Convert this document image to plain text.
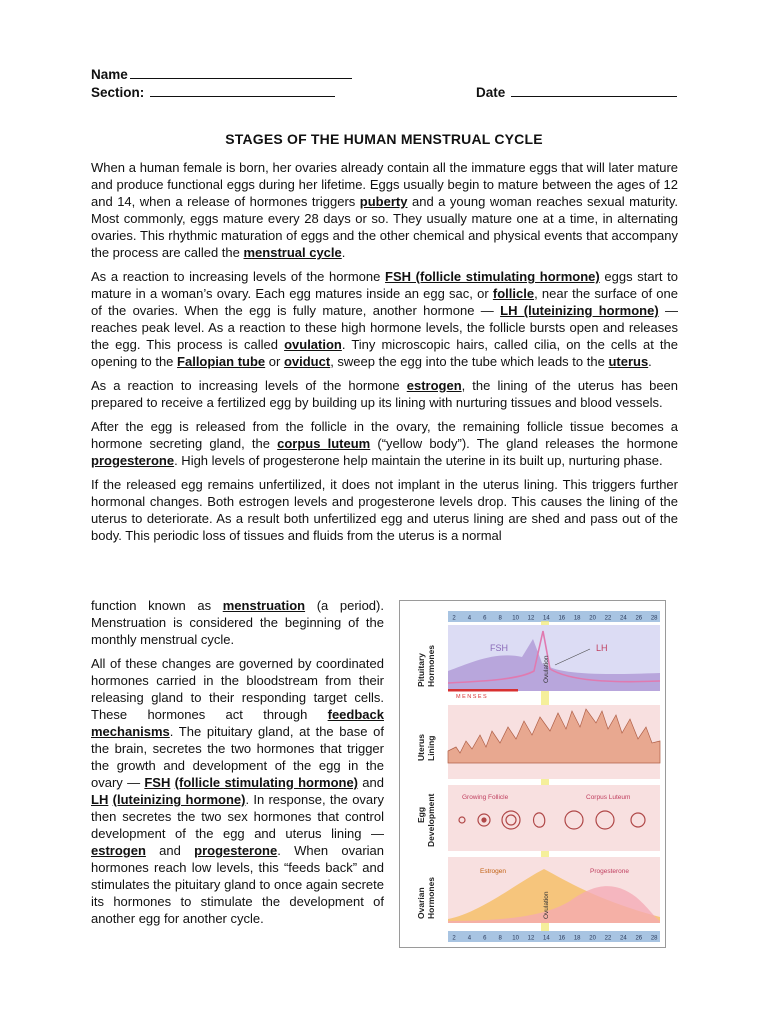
Name
Section:	Date
STAGES OF THE HUMAN MENSTRUAL CYCLE

When a human female is born, her ovaries already contain all the immature eggs that will later mature and produce functional eggs during her lifetime. Eggs usually begin to mature between the ages of 12 and 14, when a release of hormones triggers puberty and a young woman reaches sexual maturity. Most commonly, eggs mature every 28 days or so. They usually mature one at a time, in alternating ovaries. This rhythmic maturation of eggs and the other chemical and physical events that accompany the process are called the menstrual cycle.

As a reaction to increasing levels of the hormone FSH (follicle stimulating hormone) eggs start to mature in a woman’s ovary. Each egg matures inside an egg sac, or follicle, near the surface of one of the ovaries. When the egg is fully mature, another hormone — LH (luteinizing hormone) — reaches peak level. As a reaction to these high hormone levels, the follicle bursts open and releases the egg. This process is called ovulation. Tiny microscopic hairs, called cilia, on the cells at the opening to the Fallopian tube or oviduct, sweep the egg into the tube which leads to the uterus.

As a reaction to increasing levels of the hormone estrogen, the lining of the uterus has been prepared to receive a fertilized egg by building up its lining with nurturing tissues and blood vessels.

After the egg is released from the follicle in the ovary, the remaining follicle tissue becomes a hormone secreting gland, the corpus luteum (“yellow body”). The gland releases the hormone progesterone. High levels of progesterone help maintain the uterine in its built up, nurturing phase.

If the released egg remains unfertilized, it does not implant in the uterus lining. This triggers further hormonal changes. Both estrogen levels and progesterone levels drop. This causes the lining of the uterus to deteriorate. As a result both unfertilized egg and uterus lining are shed and pass out of the body. This periodic loss of tissues and fluids from the uterus is a normal

function known as menstruation (a period). Menstruation is considered the beginning of the monthly menstrual cycle.

All of these changes are governed by coordinated hormones carried in the bloodstream from their releasing gland to their responding target cells. These hormones act through feedback mechanisms. The pituitary gland, at the base of the brain, secretes the two hormones that trigger the growth and development of the egg in the ovary — FSH (follicle stimulating hormone) and LH (luteinizing hormone). In response, the ovary then secretes the two sex hormones that control development of the egg and uterus lining — estrogen and progesterone. When ovarian hormones reach low levels, this “feeds back” and stimulates the pituitary gland to once again secrete its hormones to stimulate the development of another egg for another cycle.

2 4 6 8 10 12 14 16 18 20 22 24 26 28
FSH	LH
MENSES
Ovulation
Growing Follicle	Corpus Luteum
Estrogen	Progesterone
Ovulation
2 4 6 8 10 12 14 16 18 20 22 24 26 28
Pituitary Hormones
Uterus Lining
Egg Development
Ovarian Hormones
